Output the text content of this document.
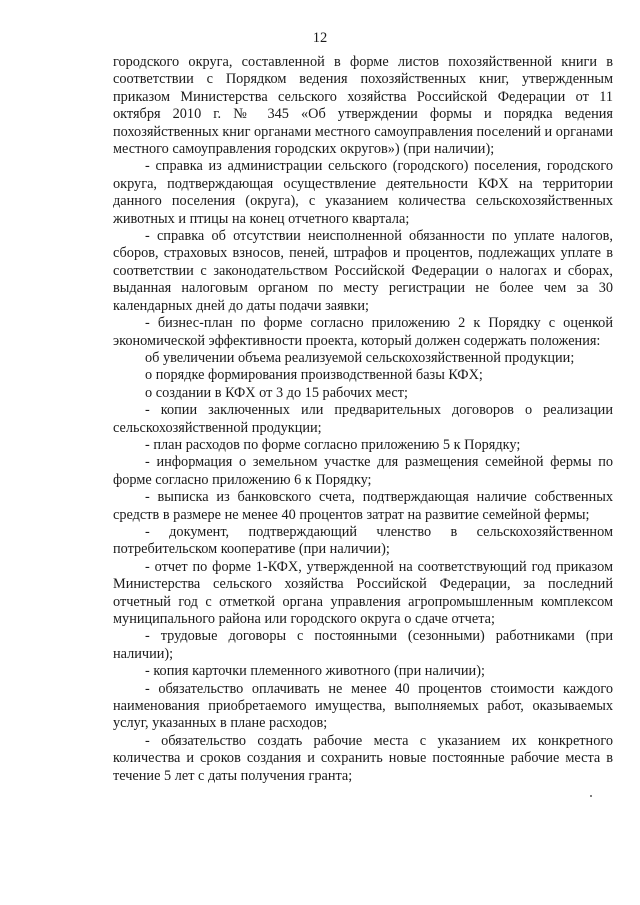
12

городского округа, составленной в форме листов похозяйственной книги в соответствии с Порядком ведения похозяйственных книг, утвержденным приказом Министерства сельского хозяйства Российской Федерации от 11 октября 2010 г. № 345 «Об утверждении формы и порядка ведения похозяйственных книг органами местного самоуправления поселений и органами местного самоуправления городских округов») (при наличии);

- справка из администрации сельского (городского) поселения, городского округа, подтверждающая осуществление деятельности КФХ на территории данного поселения (округа), с указанием количества сельскохозяйственных животных и птицы на конец отчетного квартала;

- справка об отсутствии неисполненной обязанности по уплате налогов, сборов, страховых взносов, пеней, штрафов и процентов, подлежащих уплате в соответствии с законодательством Российской Федерации о налогах и сборах, выданная налоговым органом по месту регистрации не более чем за 30 календарных дней до даты подачи заявки;

- бизнес-план по форме согласно приложению 2 к Порядку с оценкой экономической эффективности проекта, который должен содержать положения:

об увеличении объема реализуемой сельскохозяйственной продукции;

о порядке формирования производственной базы КФХ;

о создании в КФХ от 3 до 15 рабочих мест;

- копии заключенных или предварительных договоров о реализации сельскохозяйственной продукции;

- план расходов по форме согласно приложению 5 к Порядку;

- информация о земельном участке для размещения семейной фермы по форме согласно приложению 6 к Порядку;

- выписка из банковского счета, подтверждающая наличие собственных средств в размере не менее 40 процентов затрат на развитие семейной фермы;

- документ, подтверждающий членство в сельскохозяйственном потребительском кооперативе (при наличии);

- отчет по форме 1-КФХ, утвержденной на соответствующий год приказом Министерства сельского хозяйства Российской Федерации, за последний отчетный год с отметкой органа управления агропромышленным комплексом муниципального района или городского округа о сдаче отчета;

- трудовые договоры с постоянными (сезонными) работниками (при наличии);

- копия карточки племенного животного (при наличии);

- обязательство оплачивать не менее 40 процентов стоимости каждого наименования приобретаемого имущества, выполняемых работ, оказываемых услуг, указанных в плане расходов;

- обязательство создать рабочие места с указанием их конкретного количества и сроков создания и сохранить новые постоянные рабочие места в течение 5 лет с даты получения гранта;
